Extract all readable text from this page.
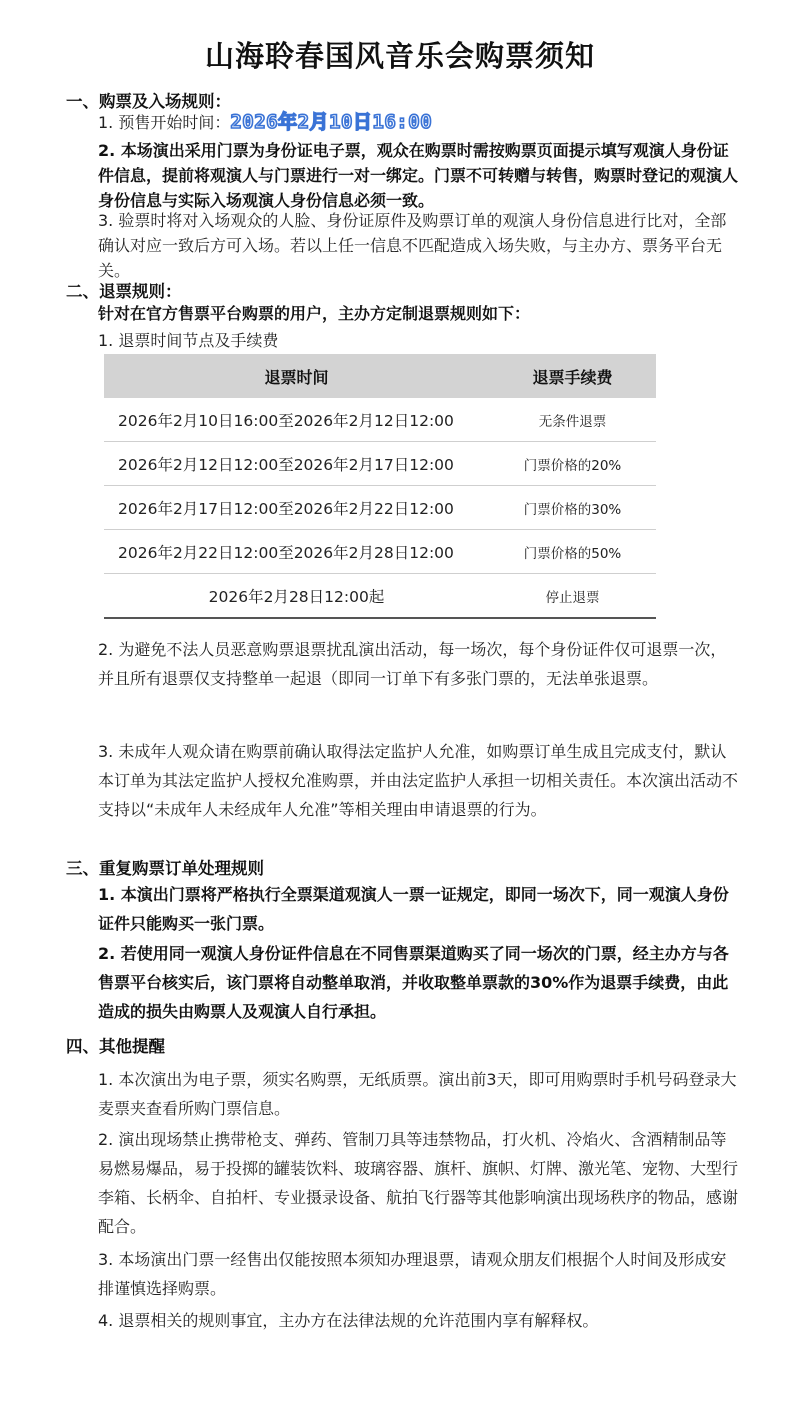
山海聆春国风音乐会购票须知
一、购票及入场规则：
1. 预售开始时间：2026年2月10日16:00
2. 本场演出采用门票为身份证电子票，观众在购票时需按购票页面提示填写观演人身份证件信息，提前将观演人与门票进行一对一绑定。门票不可转赠与转售，购票时登记的观演人身份信息与实际入场观演人身份信息必须一致。
3. 验票时将对入场观众的人脸、身份证原件及购票订单的观演人身份信息进行比对，全部确认对应一致后方可入场。若以上任一信息不匹配造成入场失败，与主办方、票务平台无关。
二、退票规则：
针对在官方售票平台购票的用户，主办方定制退票规则如下：
1. 退票时间节点及手续费
退票时间	退票手续费
2026年2月10日16:00至2026年2月12日12:00	无条件退票
2026年2月12日12:00至2026年2月17日12:00	门票价格的20%
2026年2月17日12:00至2026年2月22日12:00	门票价格的30%
2026年2月22日12:00至2026年2月28日12:00	门票价格的50%
2026年2月28日12:00起	停止退票
2. 为避免不法人员恶意购票退票扰乱演出活动，每一场次，每个身份证件仅可退票一次，并且所有退票仅支持整单一起退（即同一订单下有多张门票的，无法单张退票。
3. 未成年人观众请在购票前确认取得法定监护人允准，如购票订单生成且完成支付，默认本订单为其法定监护人授权允准购票，并由法定监护人承担一切相关责任。本次演出活动不支持以“未成年人未经成年人允准”等相关理由申请退票的行为。
三、重复购票订单处理规则
1. 本演出门票将严格执行全票渠道观演人一票一证规定，即同一场次下，同一观演人身份证件只能购买一张门票。
2. 若使用同一观演人身份证件信息在不同售票渠道购买了同一场次的门票，经主办方与各售票平台核实后，该门票将自动整单取消，并收取整单票款的30%作为退票手续费，由此造成的损失由购票人及观演人自行承担。
四、其他提醒
1. 本次演出为电子票，须实名购票，无纸质票。演出前3天，即可用购票时手机号码登录大麦票夹查看所购门票信息。
2. 演出现场禁止携带枪支、弹药、管制刀具等违禁物品，打火机、冷焰火、含酒精制品等易燃易爆品，易于投掷的罐装饮料、玻璃容器、旗杆、旗帜、灯牌、激光笔、宠物、大型行李箱、长柄伞、自拍杆、专业摄录设备、航拍飞行器等其他影响演出现场秩序的物品，感谢配合。
3. 本场演出门票一经售出仅能按照本须知办理退票，请观众朋友们根据个人时间及形成安排谨慎选择购票。
4. 退票相关的规则事宜，主办方在法律法规的允许范围内享有解释权。
